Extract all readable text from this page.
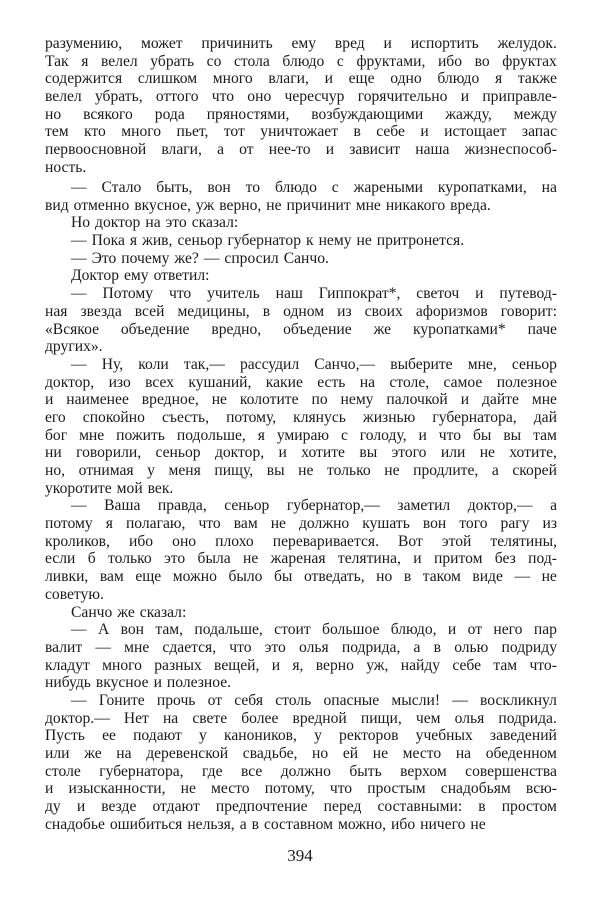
разумению, может причинить ему вред и испортить желудок.
Так я велел убрать со стола блюдо с фруктами, ибо во фруктах
содержится слишком много влаги, и еще одно блюдо я также
велел убрать, оттого что оно чересчур горячительно и приправле-
но всякого рода пряностями, возбуждающими жажду, между
тем кто много пьет, тот уничтожает в себе и истощает запас
первоосновной влаги, а от нее-то и зависит наша жизнеспособ-
ность.
— Стало быть, вон то блюдо с жареными куропатками, на
вид отменно вкусное, уж верно, не причинит мне никакого вреда.
Но доктор на это сказал:
— Пока я жив, сеньор губернатор к нему не притронется.
— Это почему же? — спросил Санчо.
Доктор ему ответил:
— Потому что учитель наш Гиппократ*, светоч и путевод-
ная звезда всей медицины, в одном из своих афоризмов говорит:
«Всякое объедение вредно, объедение же куропатками* паче
других».
— Ну, коли так,— рассудил Санчо,— выберите мне, сеньор
доктор, изо всех кушаний, какие есть на столе, самое полезное
и наименее вредное, не колотите по нему палочкой и дайте мне
его спокойно съесть, потому, клянусь жизнью губернатора, дай
бог мне пожить подольше, я умираю с голоду, и что бы вы там
ни говорили, сеньор доктор, и хотите вы этого или не хотите,
но, отнимая у меня пищу, вы не только не продлите, а скорей
укоротите мой век.
— Ваша правда, сеньор губернатор,— заметил доктор,— а
потому я полагаю, что вам не должно кушать вон того рагу из
кроликов, ибо оно плохо переваривается. Вот этой телятины,
если б только это была не жареная телятина, и притом без под-
ливки, вам еще можно было бы отведать, но в таком виде — не
советую.
Санчо же сказал:
— А вон там, подальше, стоит большое блюдо, и от него пар
валит — мне сдается, что это олья подрида, а в олью подриду
кладут много разных вещей, и я, верно уж, найду себе там что-
нибудь вкусное и полезное.
— Гоните прочь от себя столь опасные мысли! — воскликнул
доктор.— Нет на свете более вредной пищи, чем олья подрида.
Пусть ее подают у каноников, у ректоров учебных заведений
или же на деревенской свадьбе, но ей не место на обеденном
столе губернатора, где все должно быть верхом совершенства
и изысканности, не место потому, что простым снадобьям всю-
ду и везде отдают предпочтение перед составными: в простом
снадобье ошибиться нельзя, а в составном можно, ибо ничего не
394
